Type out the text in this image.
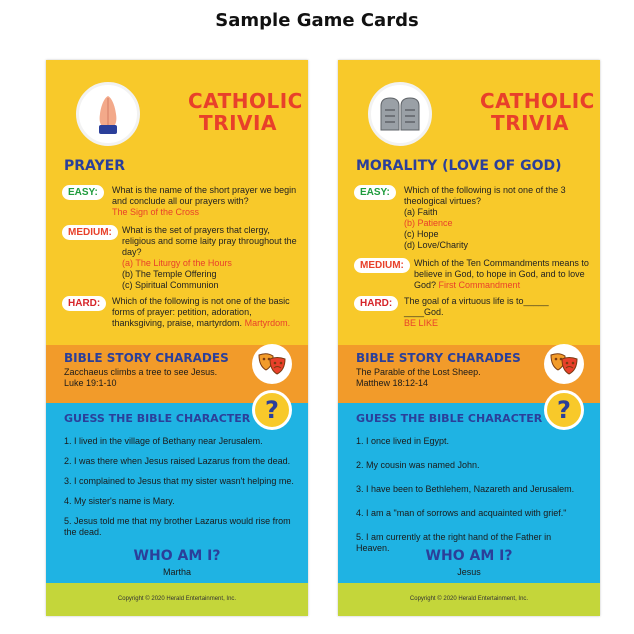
Sample Game Cards
CATHOLIC TRIVIA
PRAYER
EASY:	What is the name of the short prayer we begin and conclude all our prayers with?
The Sign of the Cross
MEDIUM:	What is the set of prayers that clergy, religious and some laity pray throughout the day?
(a) The Liturgy of the Hours
(b) The Temple Offering
(c) Spiritual Communion
HARD:	Which of the following is not one of the basic forms of prayer: petition, adoration, thanksgiving, praise, martyrdom. Martyrdom.
BIBLE STORY CHARADES
Zacchaeus climbs a tree to see Jesus. Luke 19:1-10
?
GUESS THE BIBLE CHARACTER
1. I lived in the village of Bethany near Jerusalem.
2. I was there when Jesus raised Lazarus from the dead.
3. I complained to Jesus that my sister wasn't helping me.
4. My sister's name is Mary.
5. Jesus told me that my brother Lazarus would rise from the dead.
WHO AM I?
Martha
Copyright © 2020 Herald Entertainment, Inc.
CATHOLIC TRIVIA
MORALITY (LOVE OF GOD)
EASY:	Which of the following is not one of the 3 theological virtues?
(a) Faith
(b) Patience
(c) Hope
(d) Love/Charity
MEDIUM:	Which of the Ten Commandments means to believe in God, to hope in God, and to love God? First Commandment
HARD:	The goal of a virtuous life is to_____ ____God.
BE LIKE
BIBLE STORY CHARADES
The Parable of the Lost Sheep. Matthew 18:12-14
?
GUESS THE BIBLE CHARACTER
1. I once lived in Egypt.
2. My cousin was named John.
3. I have been to Bethlehem, Nazareth and Jerusalem.
4. I am a "man of sorrows and acquainted with grief."
5. I am currently at the right hand of the Father in Heaven.	WHO AM I?
Jesus
Copyright © 2020 Herald Entertainment, Inc.
